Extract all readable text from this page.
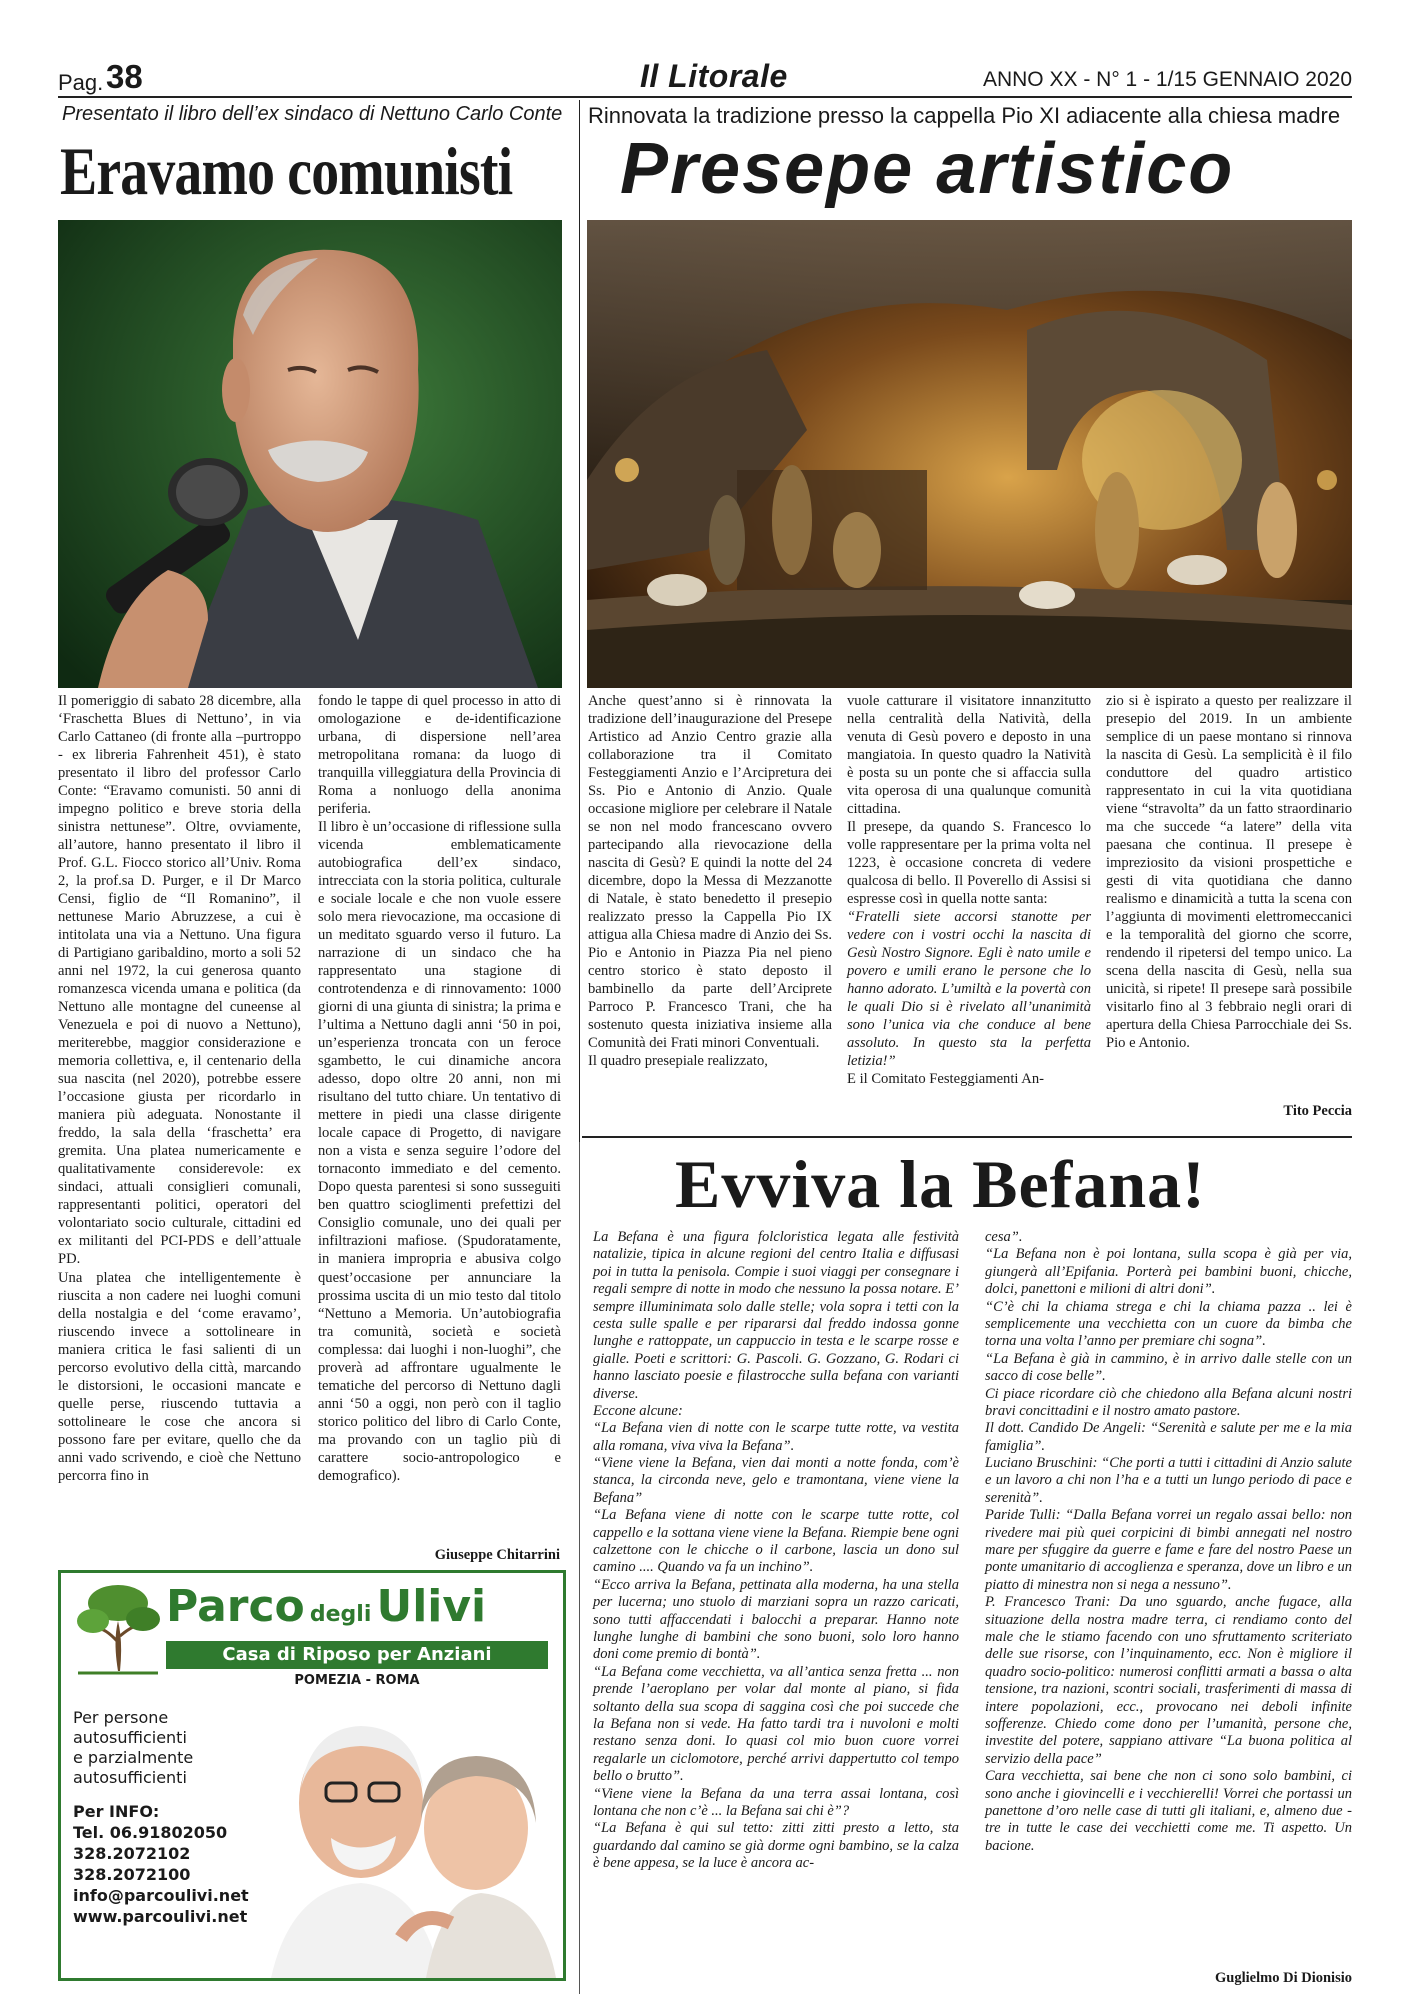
Pag. 38	Il Litorale	ANNO XX - N° 1 - 1/15 GENNAIO 2020
Presentato il libro dell’ex sindaco di Nettuno Carlo Conte
Eravamo comunisti

Il pomeriggio di sabato 28 dicembre, alla ‘Fraschetta Blues di Nettuno’, in via Carlo Cattaneo (di fronte alla –purtroppo - ex libreria Fahrenheit 451), è stato presentato il libro del professor Carlo Conte: “Eravamo comunisti. 50 anni di impegno politico e breve storia della sinistra nettunese”. Oltre, ovviamente, all’autore, hanno presentato il libro il Prof. G.L. Fiocco storico all’Univ. Roma 2, la prof.sa D. Purger, e il Dr Marco Censi, figlio de “Il Romanino”, il nettunese Mario Abruzzese, a cui è intitolata una via a Nettuno. Una figura di Partigiano garibaldino, morto a soli 52 anni nel 1972, la cui generosa quanto romanzesca vicenda umana e politica (da Nettuno alle montagne del cuneense al Venezuela e poi di nuovo a Nettuno), meriterebbe, maggior considerazione e memoria collettiva, e, il centenario della sua nascita (nel 2020), potrebbe essere l’occasione giusta per ricordarlo in maniera più adeguata. Nonostante il freddo, la sala della ‘fraschetta’ era gremita. Una platea numericamente e qualitativamente considerevole: ex sindaci, attuali consiglieri comunali, rappresentanti politici, operatori del volontariato socio culturale, cittadini ed ex militanti del PCI-PDS e dell’attuale PD.

Una platea che intelligentemente è riuscita a non cadere nei luoghi comuni della nostalgia e del ‘come eravamo’, riuscendo invece a sottolineare in maniera critica le fasi salienti di un percorso evolutivo della città, marcando le distorsioni, le occasioni mancate e quelle perse, riuscendo tuttavia a sottolineare le cose che ancora si possono fare per evitare, quello che da anni vado scrivendo, e cioè che Nettuno percorra fino in

fondo le tappe di quel processo in atto di omologazione e de-identificazione urbana, di dispersione nell’area metropolitana romana: da luogo di tranquilla villeggiatura della Provincia di Roma a nonluogo della anonima periferia.

Il libro è un’occasione di riflessione sulla vicenda emblematicamente autobiografica dell’ex sindaco, intrecciata con la storia politica, culturale e sociale locale e che non vuole essere solo mera rievocazione, ma occasione di un meditato sguardo verso il futuro. La narrazione di un sindaco che ha rappresentato una stagione di controtendenza e di rinnovamento: 1000 giorni di una giunta di sinistra; la prima e l’ultima a Nettuno dagli anni ‘50 in poi, un’esperienza troncata con un feroce sgambetto, le cui dinamiche ancora adesso, dopo oltre 20 anni, non mi risultano del tutto chiare. Un tentativo di mettere in piedi una classe dirigente locale capace di Progetto, di navigare non a vista e senza seguire l’odore del tornaconto immediato e del cemento. Dopo questa parentesi si sono susseguiti ben quattro scioglimenti prefettizi del Consiglio comunale, uno dei quali per infiltrazioni mafiose. (Spudoratamente, in maniera impropria e abusiva colgo quest’occasione per annunciare la prossima uscita di un mio testo dal titolo “Nettuno a Memoria. Un’autobiografia tra comunità, società e società complessa: dai luoghi i non-luoghi”, che proverà ad affrontare ugualmente le tematiche del percorso di Nettuno dagli anni ‘50 a oggi, non però con il taglio storico politico del libro di Carlo Conte, ma provando con un taglio più di carattere socio-antropologico e demografico).

Giuseppe Chitarrini
Rinnovata la tradizione presso la cappella Pio XI adiacente alla chiesa madre
Presepe artistico

Anche quest’anno si è rinnovata la tradizione dell’inaugurazione del Presepe Artistico ad Anzio Centro grazie alla collaborazione tra il Comitato Festeggiamenti Anzio e l’Arcipretura dei Ss. Pio e Antonio di Anzio. Quale occasione migliore per celebrare il Natale se non nel modo francescano ovvero partecipando alla rievocazione della nascita di Gesù? E quindi la notte del 24 dicembre, dopo la Messa di Mezzanotte di Natale, è stato benedetto il presepio realizzato presso la Cappella Pio IX attigua alla Chiesa madre di Anzio dei Ss. Pio e Antonio in Piazza Pia nel pieno centro storico è stato deposto il bambinello da parte dell’Arciprete Parroco P. Francesco Trani, che ha sostenuto questa iniziativa insieme alla Comunità dei Frati minori Conventuali.

Il quadro presepiale realizzato,

vuole catturare il visitatore innanzitutto nella centralità della Natività, della venuta di Gesù povero e deposto in una mangiatoia. In questo quadro la Natività è posta su un ponte che si affaccia sulla vita operosa di una qualunque comunità cittadina.

Il presepe, da quando S. Francesco lo volle rappresentare per la prima volta nel 1223, è occasione concreta di vedere qualcosa di bello. Il Poverello di Assisi si espresse così in quella notte santa:

“Fratelli siete accorsi stanotte per vedere con i vostri occhi la nascita di Gesù Nostro Signore. Egli è nato umile e povero e umili erano le persone che lo hanno adorato. L’umiltà e la povertà con le quali Dio si è rivelato all’unanimità sono l’unica via che conduce al bene assoluto. In questo sta la perfetta letizia!”

E il Comitato Festeggiamenti An-

zio si è ispirato a questo per realizzare il presepio del 2019. In un ambiente semplice di un paese montano si rinnova la nascita di Gesù. La semplicità è il filo conduttore del quadro artistico rappresentato in cui la vita quotidiana viene “stravolta” da un fatto straordinario ma che succede “a latere” della vita paesana che continua. Il presepe è impreziosito da visioni prospettiche e gesti di vita quotidiana che danno realismo e dinamicità a tutta la scena con l’aggiunta di movimenti elettromeccanici e la temporalità del giorno che scorre, rendendo il ripetersi del tempo unico. La scena della nascita di Gesù, nella sua unicità, si ripete! Il presepe sarà possibile visitarlo fino al 3 febbraio negli orari di apertura della Chiesa Parrocchiale dei Ss. Pio e Antonio.

Tito Peccia
Evviva la Befana!

La Befana è una figura folcloristica legata alle festività natalizie, tipica in alcune regioni del centro Italia e diffusasi poi in tutta la penisola. Compie i suoi viaggi per consegnare i regali sempre di notte in modo che nessuno la possa notare. E’ sempre illuminimata solo dalle stelle; vola sopra i tetti con la cesta sulle spalle e per ripararsi dal freddo indossa gonne lunghe e rattoppate, un cappuccio in testa e le scarpe rosse e gialle. Poeti e scrittori: G. Pascoli. G. Gozzano, G. Rodari ci hanno lasciato poesie e filastrocche sulla befana con varianti diverse.

Eccone alcune:

“La Befana vien di notte con le scarpe tutte rotte, va vestita alla romana, viva viva la Befana”.

“Viene viene la Befana, vien dai monti a notte fonda, com’è stanca, la circonda neve, gelo e tramontana, viene viene la Befana”

“La Befana viene di notte con le scarpe tutte rotte, col cappello e la sottana viene viene la Befana. Riempie bene ogni calzettone con le chicche o il carbone, lascia un dono sul camino .... Quando va fa un inchino”.

“Ecco arriva la Befana, pettinata alla moderna, ha una stella per lucerna; uno stuolo di marziani sopra un razzo caricati, sono tutti affaccendati i balocchi a preparar. Hanno note lunghe lunghe di bambini che sono buoni, solo loro hanno doni come premio di bontà”.

“La Befana come vecchietta, va all’antica senza fretta ... non prende l’aeroplano per volar dal monte al piano, si fida soltanto della sua scopa di saggina così che poi succede che la Befana non si vede. Ha fatto tardi tra i nuvoloni e molti restano senza doni. Io quasi col mio buon cuore vorrei regalarle un ciclomotore, perché arrivi dappertutto col tempo bello o brutto”.

“Viene viene la Befana da una terra assai lontana, così lontana che non c’è ... la Befana sai chi è”?

“La Befana è qui sul tetto: zitti zitti presto a letto, sta guardando dal camino se già dorme ogni bambino, se la calza è bene appesa, se la luce è ancora ac-

cesa”.

“La Befana non è poi lontana, sulla scopa è già per via, giungerà all’Epifania. Porterà pei bambini buoni, chicche, dolci, panettoni e milioni di altri doni”.

“C’è chi la chiama strega e chi la chiama pazza .. lei è semplicemente una vecchietta con un cuore da bimba che torna una volta l’anno per premiare chi sogna”.

“La Befana è già in cammino, è in arrivo dalle stelle con un sacco di cose belle”.

Ci piace ricordare ciò che chiedono alla Befana alcuni nostri bravi concittadini e il nostro amato pastore.

Il dott. Candido De Angeli: “Serenità e salute per me e la mia famiglia”.

Luciano Bruschini: “Che porti a tutti i cittadini di Anzio salute e un lavoro a chi non l’ha e a tutti un lungo periodo di pace e serenità”.

Paride Tulli: “Dalla Befana vorrei un regalo assai bello: non rivedere mai più quei corpicini di bimbi annegati nel nostro mare per sfuggire da guerre e fame e fare del nostro Paese un ponte umanitario di accoglienza e speranza, dove un libro e un piatto di minestra non si nega a nessuno”.

P. Francesco Trani: Da uno sguardo, anche fugace, alla situazione della nostra madre terra, ci rendiamo conto del male che le stiamo facendo con uno sfruttamento scriteriato delle sue risorse, con l’inquinamento, ecc. Non è migliore il quadro socio-politico: numerosi conflitti armati a bassa o alta tensione, tra nazioni, scontri sociali, trasferimenti di massa di intere popolazioni, ecc., provocano nei deboli infinite sofferenze. Chiedo come dono per l’umanità, persone che, investite del potere, sappiano attivare “La buona politica al servizio della pace”

Cara vecchietta, sai bene che non ci sono solo bambini, ci sono anche i giovincelli e i vecchierelli! Vorrei che portassi un panettone d’oro nelle case di tutti gli italiani, e, almeno due - tre in tutte le case dei vecchietti come me. Ti aspetto. Un bacione.

Guglielmo Di Dionisio
Parco degli Ulivi
Casa di Riposo per Anziani
POMEZIA - ROMA
Per persone
autosufficienti
e parzialmente
autosufficienti
Per INFO:
Tel. 06.91802050
328.2072102
328.2072100
info@parcoulivi.net
www.parcoulivi.net
